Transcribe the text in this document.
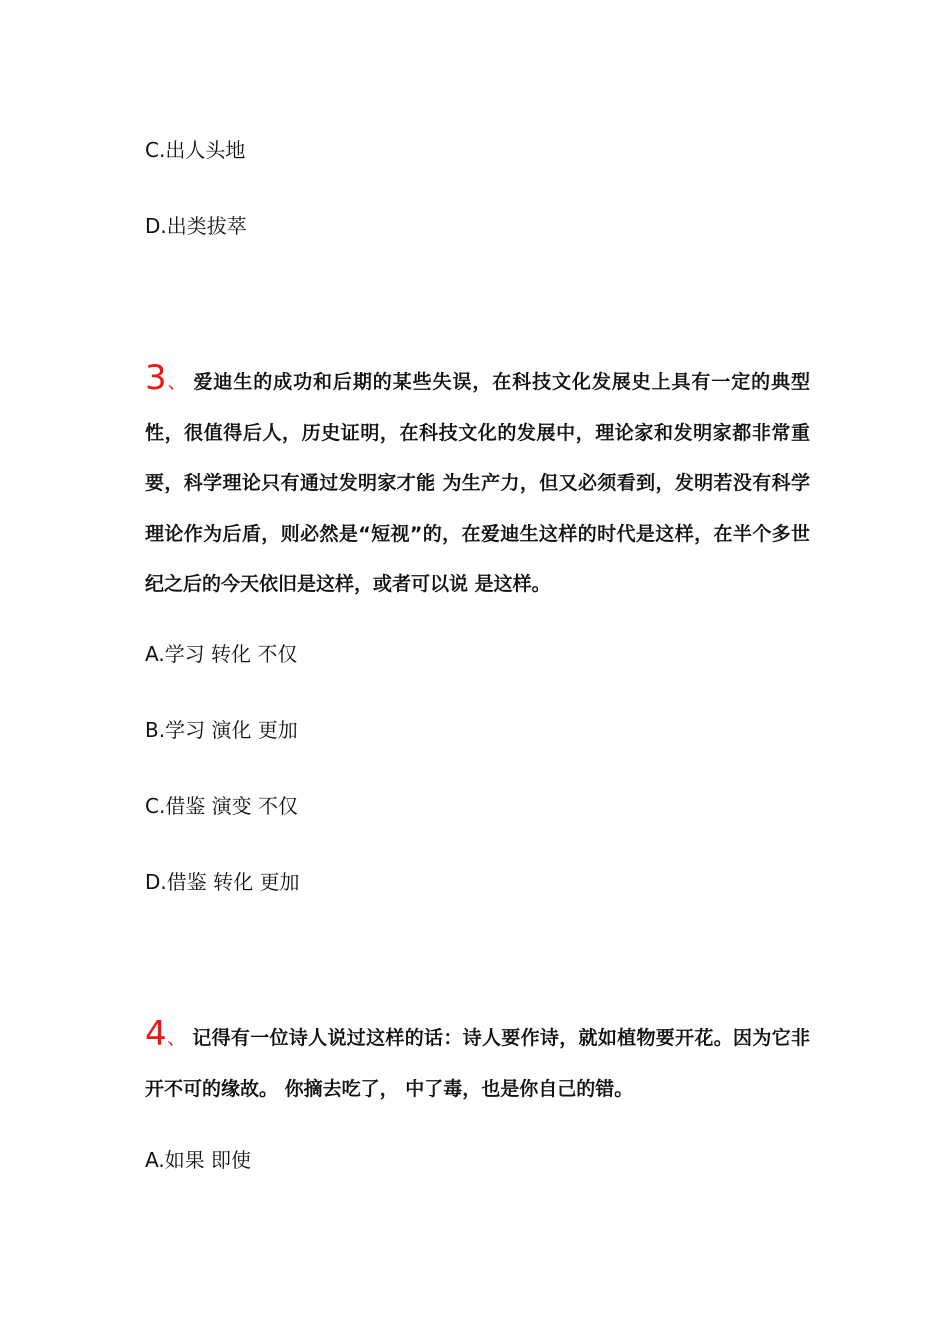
C.出人头地
D.出类拔萃
3、 爱迪生的成功和后期的某些失误，在科技文化发展史上具有一定的典型性，很值得后人，历史证明，在科技文化的发展中，理论家和发明家都非常重要，科学理论只有通过发明家才能 为生产力，但又必须看到，发明若没有科学理论作为后盾，则必然是“短视”的，在爱迪生这样的时代是这样，在半个多世纪之后的今天依旧是这样，或者可以说 是这样。
A.学习 转化 不仅
B.学习 演化 更加
C.借鉴 演变 不仅
D.借鉴 转化 更加
4、 记得有一位诗人说过这样的话：诗人要作诗，就如植物要开花。因为它非开不可的缘故。 你摘去吃了， 中了毒，也是你自己的错。
A.如果 即使
